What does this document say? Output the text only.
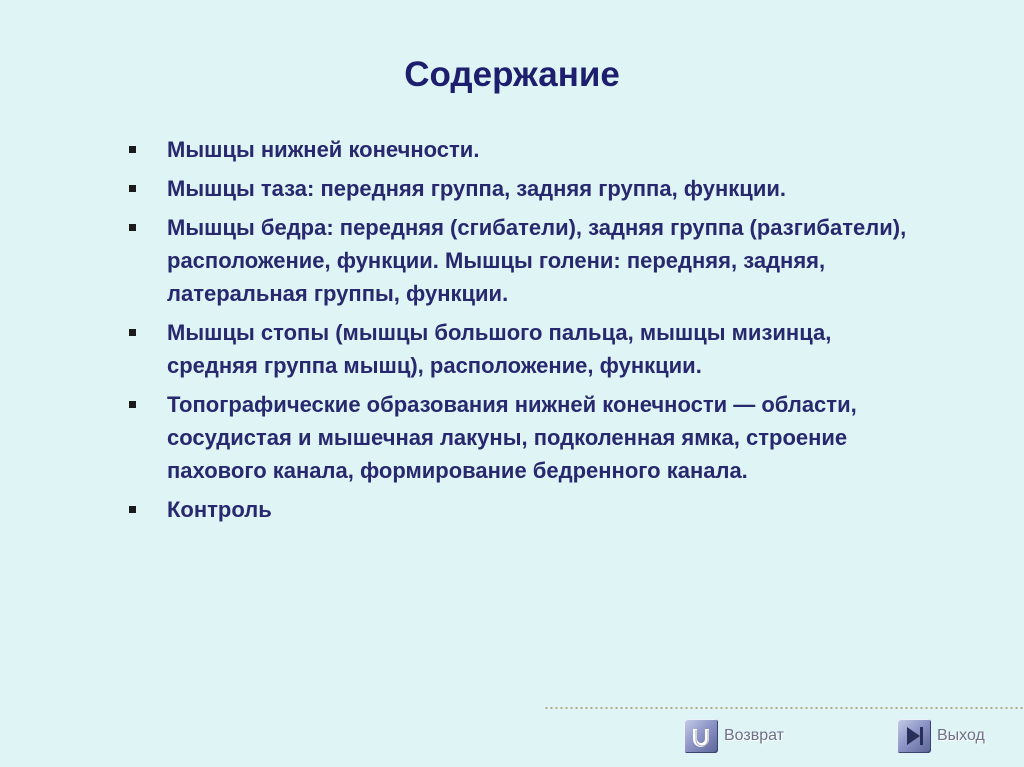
Содержание
Мышцы нижней конечности.
Мышцы таза: передняя группа, задняя группа, функции.
Мышцы бедра: передняя (сгибатели), задняя группа (разгибатели), расположение, функции. Мышцы голени: передняя, задняя, латеральная группы, функции.
Мышцы стопы (мышцы большого пальца, мышцы мизинца, средняя группа мышц), расположение, функции.
Топографические образования нижней конечности — области, сосудистая и мышечная лакуны, подколенная ямка, строение пахового канала, формирование бедренного канала.
Контроль
Возврат	Выход
